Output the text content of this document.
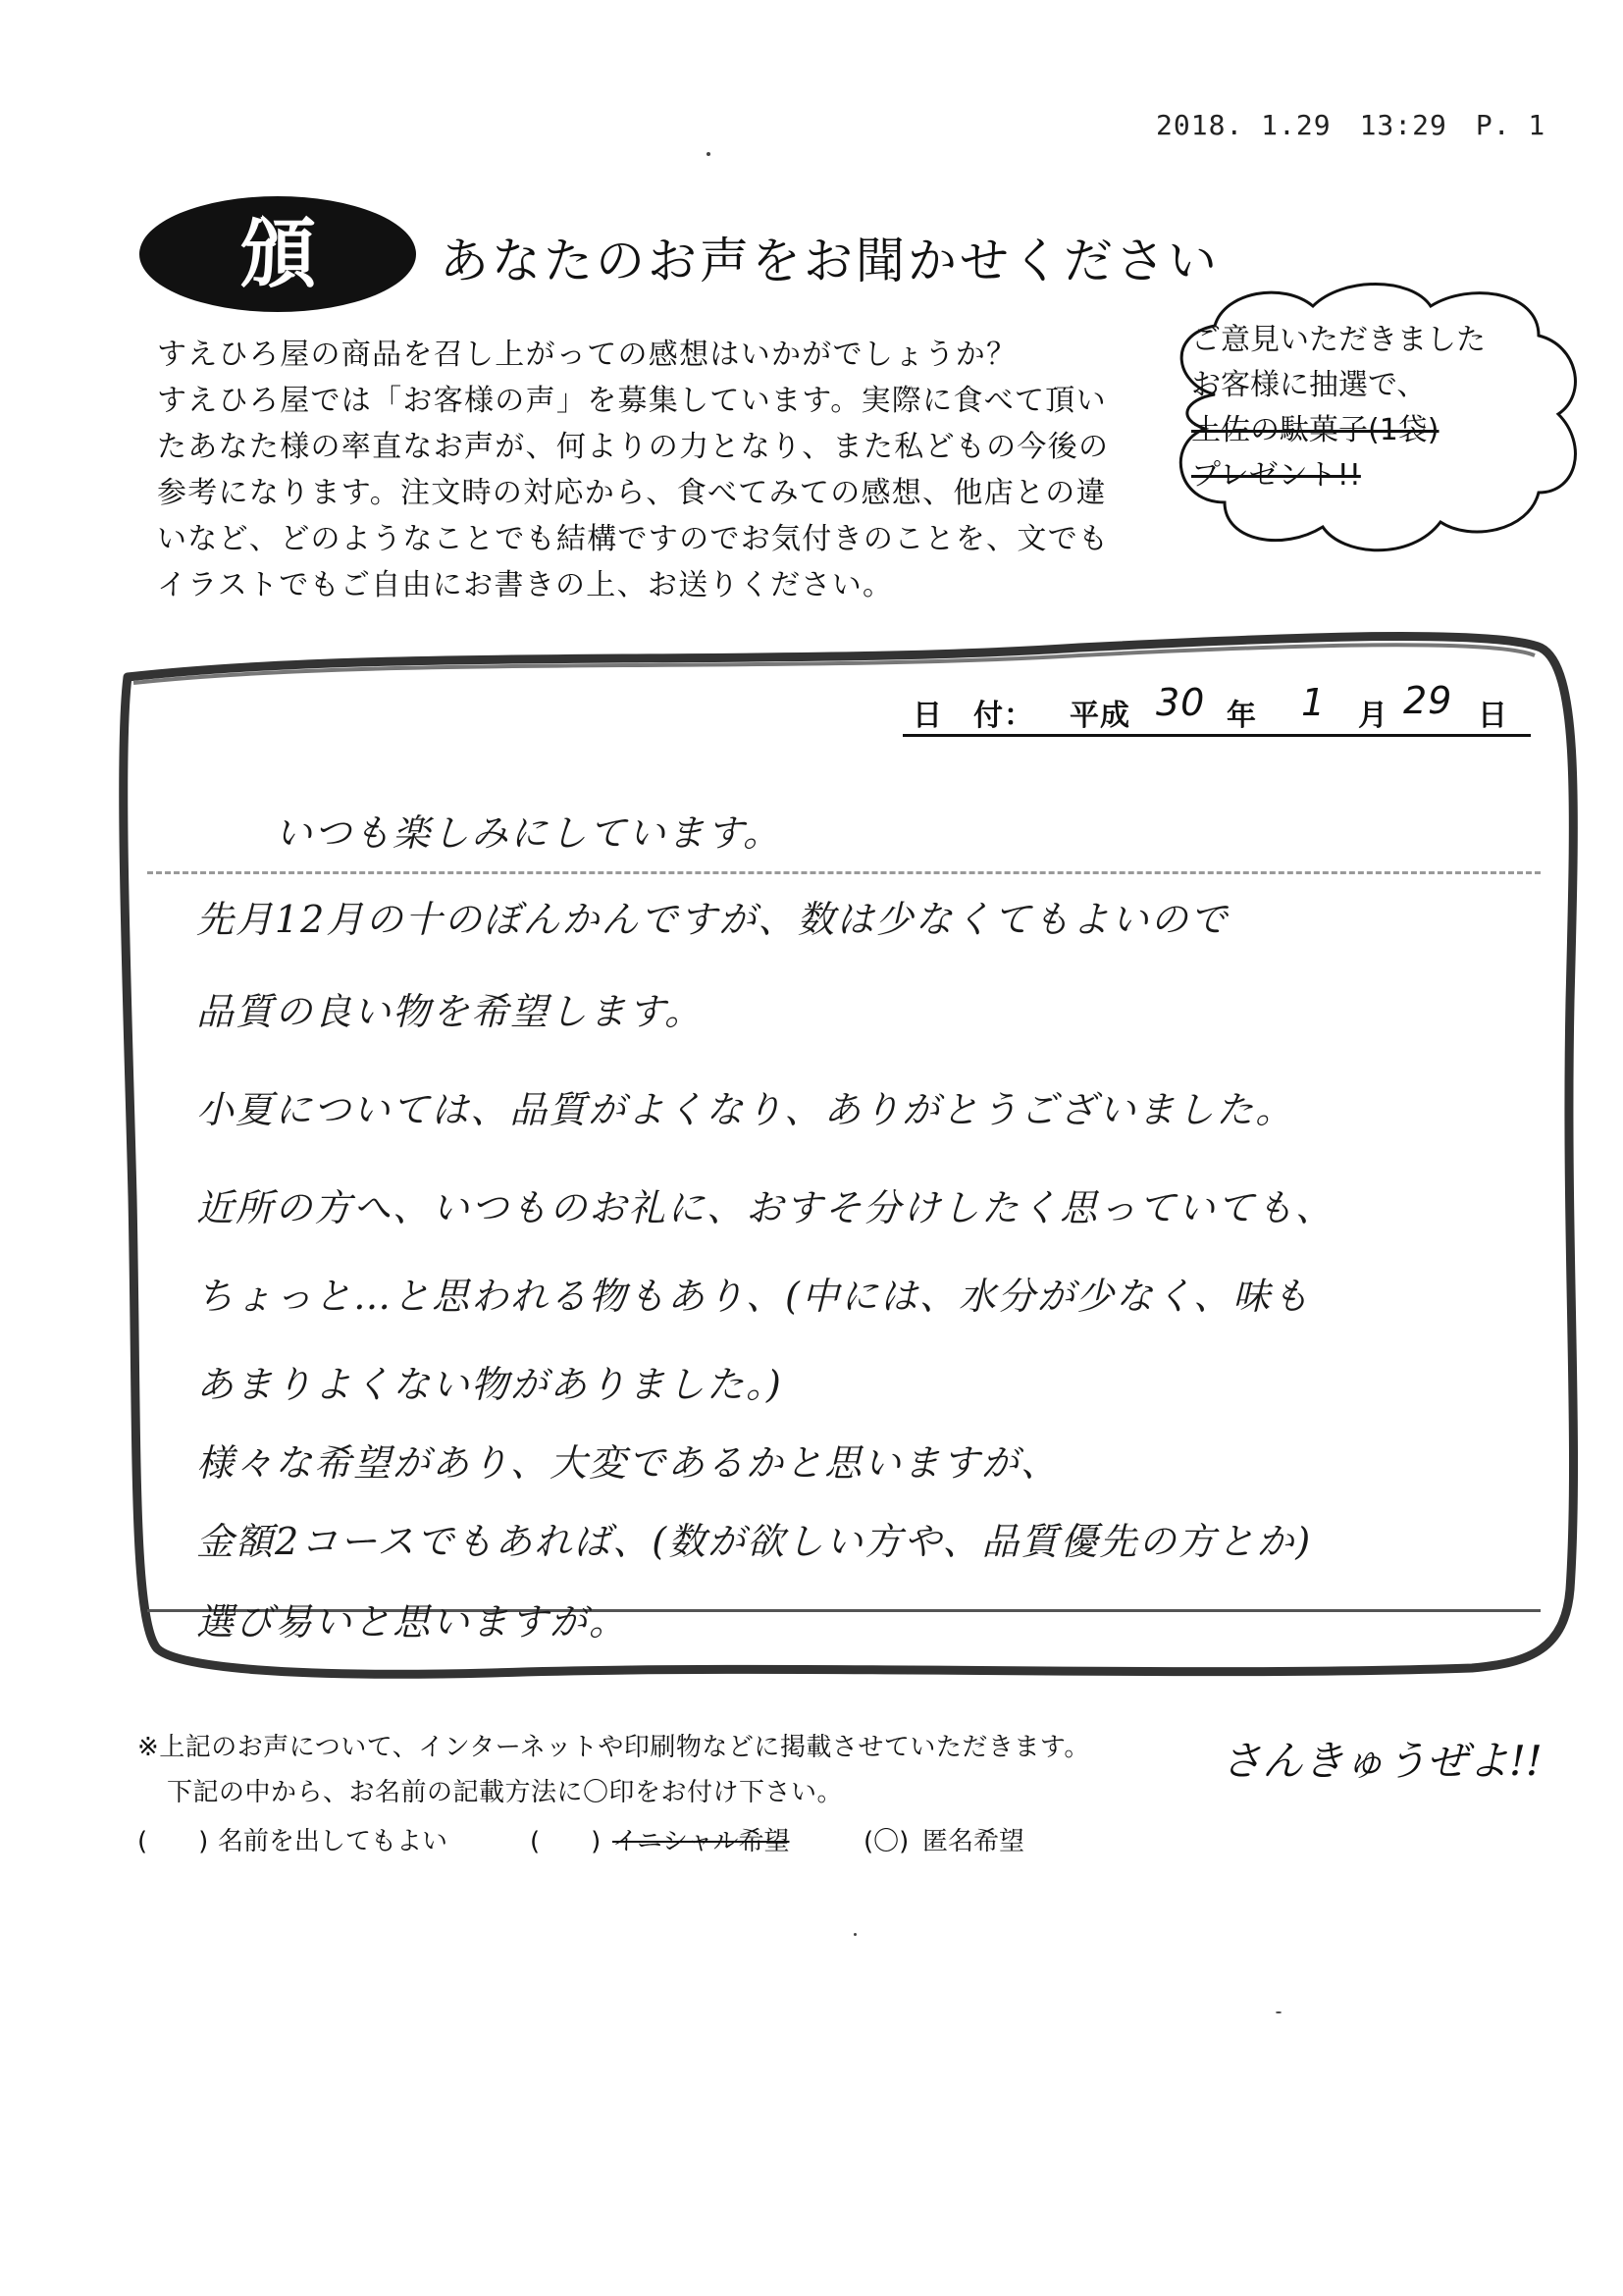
2018. 1.29　13:29　P. 1
頒	あなたのお声をお聞かせください
すえひろ屋の商品を召し上がっての感想はいかがでしょうか？
すえひろ屋では「お客様の声」を募集しています。実際に食べて頂い
たあなた様の率直なお声が、何よりの力となり、また私どもの今後の
参考になります。注文時の対応から、食べてみての感想、他店との違
いなど、どのようなことでも結構ですのでお気付きのことを、文でも
イラストでもご自由にお書きの上、お送りください。
ご意見いただきました
お客様に抽選で、
土佐の駄菓子(1袋)
プレゼント!!
日　付： 平成 30 年 1 月 29 日
いつも楽しみにしています。
先月12月の十のぼんかんですが、数は少なくてもよいので
品質の良い物を希望します。
小夏については、品質がよくなり、ありがとうございました。
近所の方へ、いつものお礼に、おすそ分けしたく思っていても、
ちょっと…と思われる物もあり、(中には、水分が少なく、味も
あまりよくない物がありました。)
様々な希望があり、大変であるかと思いますが、
金額2コースでもあれば、(数が欲しい方や、品質優先の方とか)
選び易いと思いますが。
※上記のお声について、インターネットや印刷物などに掲載させていただきます。
下記の中から、お名前の記載方法に〇印をお付け下さい。
(　　) 名前を出してもよい	(　　) イニシャル希望	(〇) 匿名希望
さんきゅうぜよ!!
